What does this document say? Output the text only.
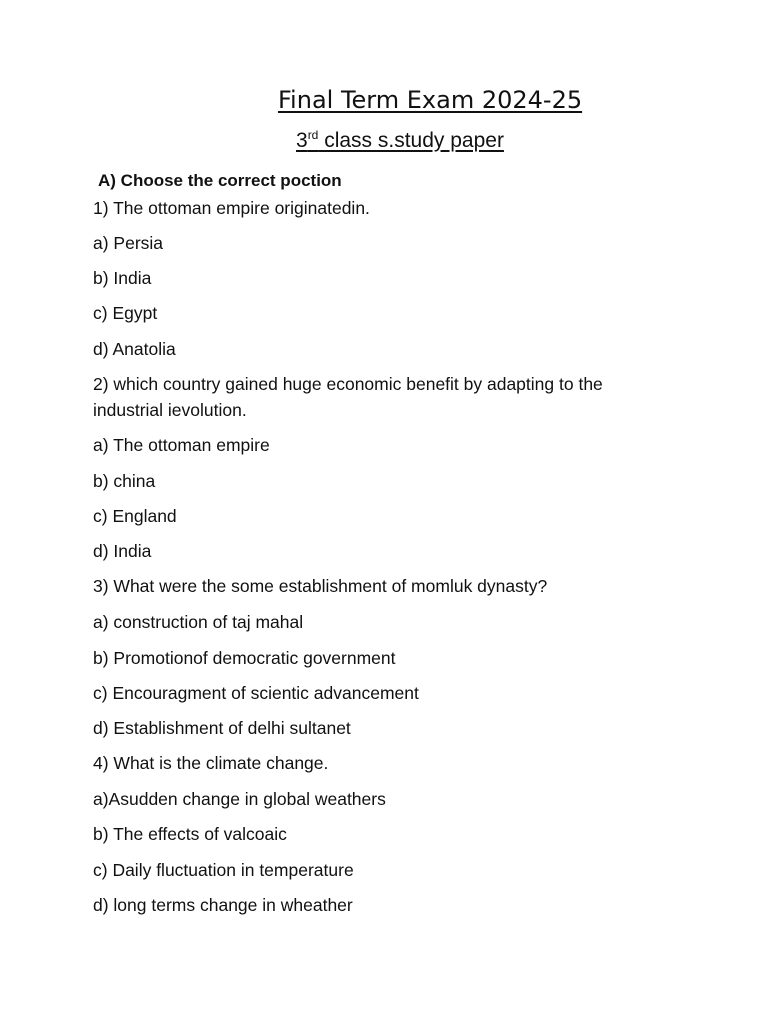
Final Term Exam 2024-25
3rd class s.study paper
A) Choose the correct poction
1) The ottoman empire originatedin.
a) Persia
b) India
c) Egypt
d) Anatolia
2) which country gained huge economic benefit by adapting to the industrial ievolution.
a) The ottoman empire
b) china
c) England
d) India
3) What were the some establishment of momluk dynasty?
a) construction of taj mahal
b) Promotionof democratic government
c) Encouragment of scientic advancement
d) Establishment of delhi sultanet
4) What is the climate change.
a)Asudden change in global weathers
b) The effects of valcoaic
c) Daily fluctuation in temperature
d) long terms change in wheather
